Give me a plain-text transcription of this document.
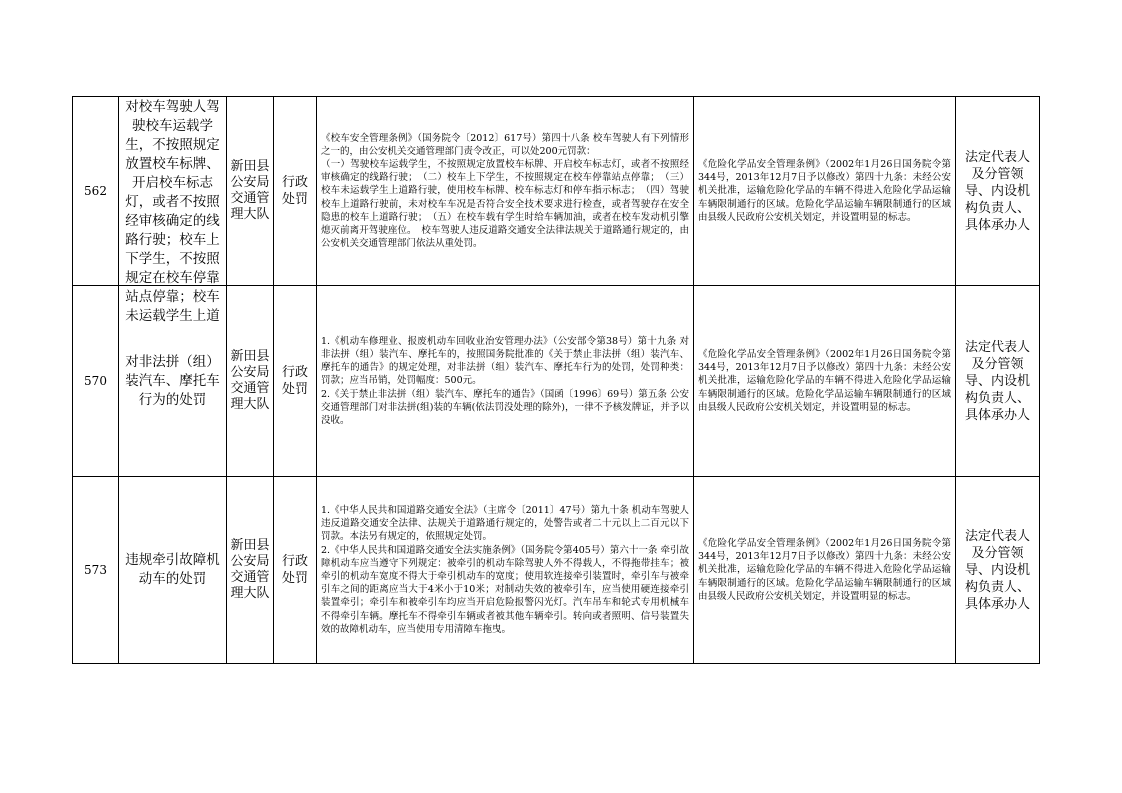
562	对校车驾驶人驾驶校车运载学生，不按照规定放置校车标牌、开启校车标志灯，或者不按照经审核确定的线路行驶；校车上下学生，不按照规定在校车停靠站点停靠；校车未运载学生上道	新田县公安局交通管理大队	行政处罚	《校车安全管理条例》（国务院令〔2012〕617号）第四十八条 校车驾驶人有下列情形之一的，由公安机关交通管理部门责令改正，可以处200元罚款：
（一）驾驶校车运载学生，不按照规定放置校车标牌、开启校车标志灯，或者不按照经审核确定的线路行驶；　（二）校车上下学生，不按照规定在校车停靠站点停靠；　（三）校车未运载学生上道路行驶，使用校车标牌、校车标志灯和停车指示标志；　（四）驾驶校车上道路行驶前，未对校车车况是否符合安全技术要求进行检查，或者驾驶存在安全隐患的校车上道路行驶；　（五）在校车载有学生时给车辆加油，或者在校车发动机引擎熄灭前离开驾驶座位。　校车驾驶人违反道路交通安全法律法规关于道路通行规定的，由公安机关交通管理部门依法从重处罚。	《危险化学品安全管理条例》（2002年1月26日国务院令第344号，2013年12月7日予以修改）第四十九条：未经公安机关批准，运输危险化学品的车辆不得进入危险化学品运输车辆限制通行的区域。危险化学品运输车辆限制通行的区域由县级人民政府公安机关划定，并设置明显的标志。	法定代表人及分管领导、内设机构负责人、具体承办人
570	对非法拼（组）装汽车、摩托车行为的处罚	新田县公安局交通管理大队	行政处罚	1.《机动车修理业、报废机动车回收业治安管理办法》（公安部令第38号）第十九条 对非法拼（组）装汽车、摩托车的，按照国务院批准的《关于禁止非法拼（组）装汽车、摩托车的通告》的规定处理，对非法拼（组）装汽车、摩托车行为的处罚，处罚种类：罚款；应当吊销，处罚幅度：500元。
2.《关于禁止非法拼（组）装汽车、摩托车的通告》（国函〔1996〕69号）第五条 公安交通管理部门对非法拼(组)装的车辆(依法罚没处理的除外)，一律不予核发牌证，并予以没收。	《危险化学品安全管理条例》（2002年1月26日国务院令第344号，2013年12月7日予以修改）第四十九条：未经公安机关批准，运输危险化学品的车辆不得进入危险化学品运输车辆限制通行的区域。危险化学品运输车辆限制通行的区域由县级人民政府公安机关划定，并设置明显的标志。	法定代表人及分管领导、内设机构负责人、具体承办人
573	违规牵引故障机动车的处罚	新田县公安局交通管理大队	行政处罚	1.《中华人民共和国道路交通安全法》（主席令〔2011〕47号）第九十条 机动车驾驶人违反道路交通安全法律、法规关于道路通行规定的，处警告或者二十元以上二百元以下罚款。本法另有规定的，依照规定处罚。
2.《中华人民共和国道路交通安全法实施条例》（国务院令第405号）第六十一条 牵引故障机动车应当遵守下列规定：被牵引的机动车除驾驶人外不得载人，不得拖带挂车；被牵引的机动车宽度不得大于牵引机动车的宽度；使用软连接牵引装置时，牵引车与被牵引车之间的距离应当大于4米小于10米；对制动失效的被牵引车，应当使用硬连接牵引装置牵引；牵引车和被牵引车均应当开启危险报警闪光灯。汽车吊车和轮式专用机械车不得牵引车辆。摩托车不得牵引车辆或者被其他车辆牵引。转向或者照明、信号装置失效的故障机动车，应当使用专用清障车拖曳。	《危险化学品安全管理条例》（2002年1月26日国务院令第344号，2013年12月7日予以修改）第四十九条：未经公安机关批准，运输危险化学品的车辆不得进入危险化学品运输车辆限制通行的区域。危险化学品运输车辆限制通行的区域由县级人民政府公安机关划定，并设置明显的标志。	法定代表人及分管领导、内设机构负责人、具体承办人
